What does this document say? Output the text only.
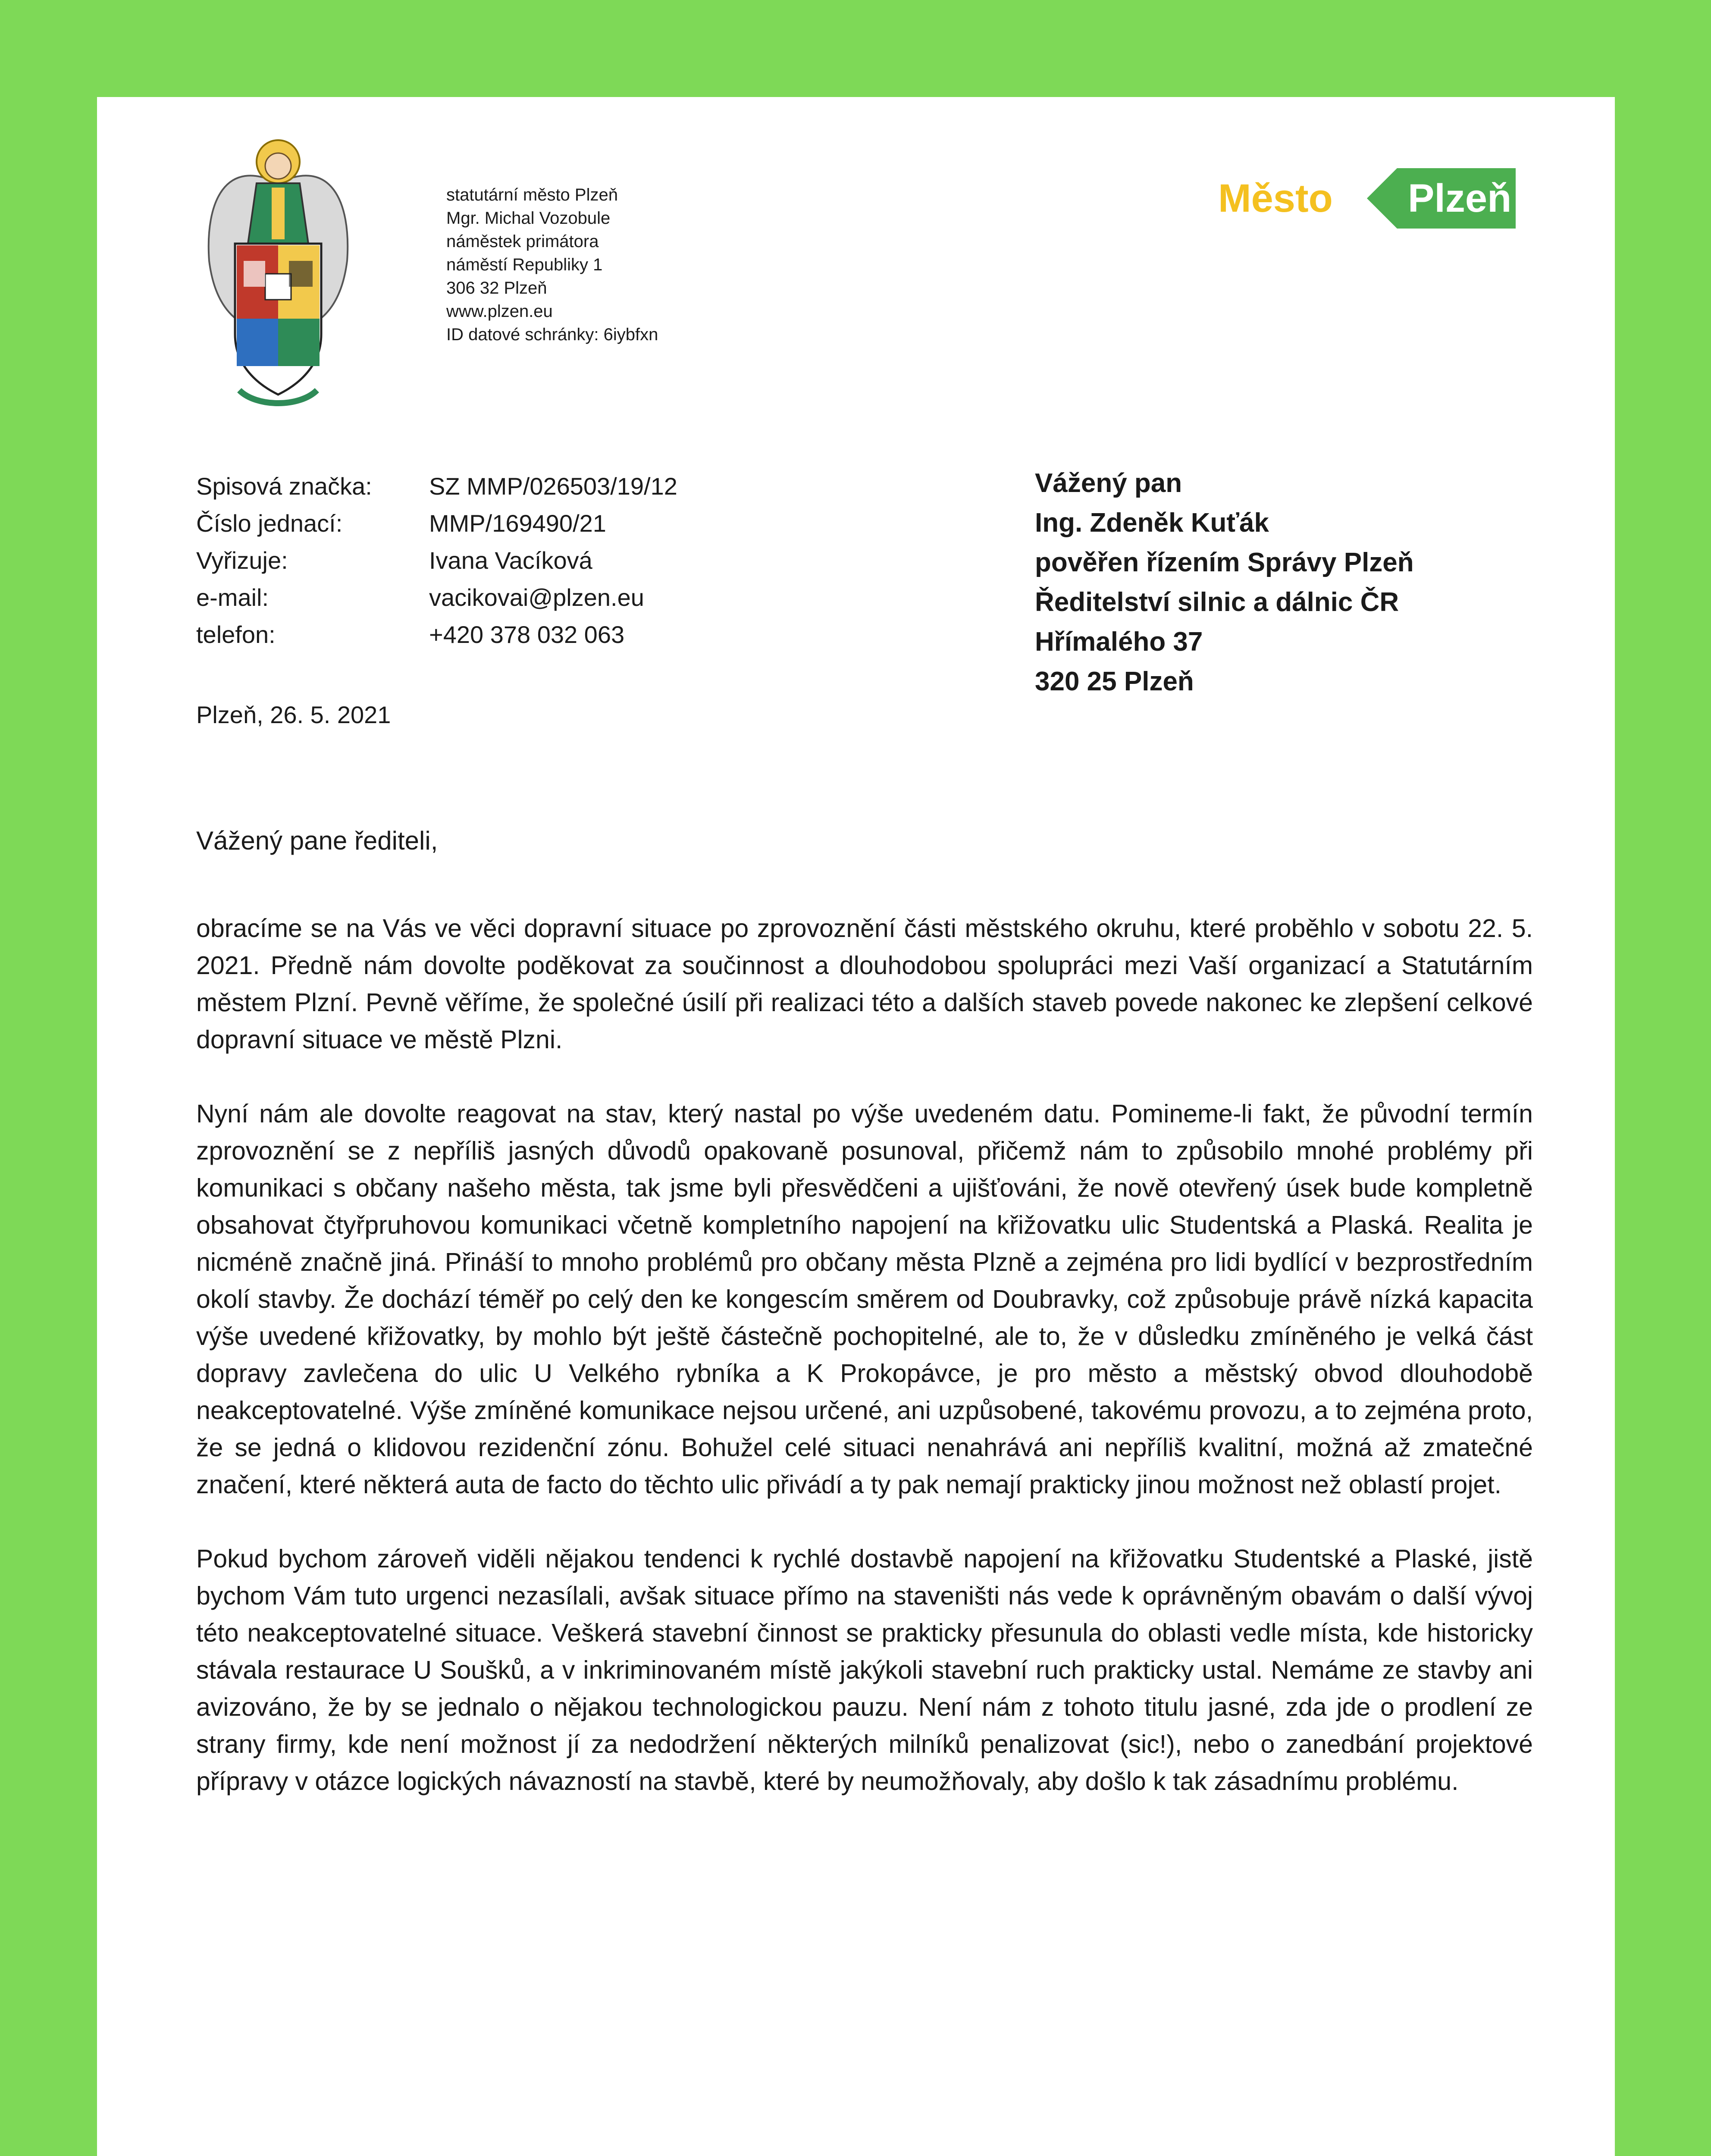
statutární město Plzeň
Mgr. Michal Vozobule
náměstek primátora
náměstí Republiky 1
306 32 Plzeň
www.plzen.eu
ID datové schránky: 6iybfxn
Město Plzeň
Spisová značka:	SZ MMP/026503/19/12
Číslo jednací:	MMP/169490/21
Vyřizuje:	Ivana Vacíková
e-mail:	vacikovai@plzen.eu
telefon:	+420 378 032 063
Vážený pan
Ing. Zdeněk Kuťák
pověřen řízením Správy Plzeň
Ředitelství silnic a dálnic ČR
Hřímalého 37
320 25 Plzeň
Plzeň, 26. 5. 2021
Vážený pane řediteli,

obracíme se na Vás ve věci dopravní situace po zprovoznění části městského okruhu, které proběhlo v sobotu 22. 5. 2021. Předně nám dovolte poděkovat za součinnost a dlouhodobou spolupráci mezi Vaší organizací a Statutárním městem Plzní. Pevně věříme, že společné úsilí při realizaci této a dalších staveb povede nakonec ke zlepšení celkové dopravní situace ve městě Plzni.

Nyní nám ale dovolte reagovat na stav, který nastal po výše uvedeném datu. Pomineme-li fakt, že původní termín zprovoznění se z nepříliš jasných důvodů opakovaně posunoval, přičemž nám to způsobilo mnohé problémy při komunikaci s občany našeho města, tak jsme byli přesvědčeni a ujišťováni, že nově otevřený úsek bude kompletně obsahovat čtyřpruhovou komunikaci včetně kompletního napojení na křižovatku ulic Studentská a Plaská. Realita je nicméně značně jiná. Přináší to mnoho problémů pro občany města Plzně a zejména pro lidi bydlící v bezprostředním okolí stavby. Že dochází téměř po celý den ke kongescím směrem od Doubravky, což způsobuje právě nízká kapacita výše uvedené křižovatky, by mohlo být ještě částečně pochopitelné, ale to, že v důsledku zmíněného je velká část dopravy zavlečena do ulic U Velkého rybníka a K Prokopávce, je pro město a městský obvod dlouhodobě neakceptovatelné. Výše zmíněné komunikace nejsou určené, ani uzpůsobené, takovému provozu, a to zejména proto, že se jedná o klidovou rezidenční zónu. Bohužel celé situaci nenahrává ani nepříliš kvalitní, možná až zmatečné značení, které některá auta de facto do těchto ulic přivádí a ty pak nemají prakticky jinou možnost než oblastí projet.

Pokud bychom zároveň viděli nějakou tendenci k rychlé dostavbě napojení na křižovatku Studentské a Plaské, jistě bychom Vám tuto urgenci nezasílali, avšak situace přímo na staveništi nás vede k oprávněným obavám o další vývoj této neakceptovatelné situace. Veškerá stavební činnost se prakticky přesunula do oblasti vedle místa, kde historicky stávala restaurace U Soušků, a v inkriminovaném místě jakýkoli stavební ruch prakticky ustal. Nemáme ze stavby ani avizováno, že by se jednalo o nějakou technologickou pauzu. Není nám z tohoto titulu jasné, zda jde o prodlení ze strany firmy, kde není možnost jí za nedodržení některých milníků penalizovat (sic!), nebo o zanedbání projektové přípravy v otázce logických návazností na stavbě, které by neumožňovaly, aby došlo k tak zásadnímu problému.
